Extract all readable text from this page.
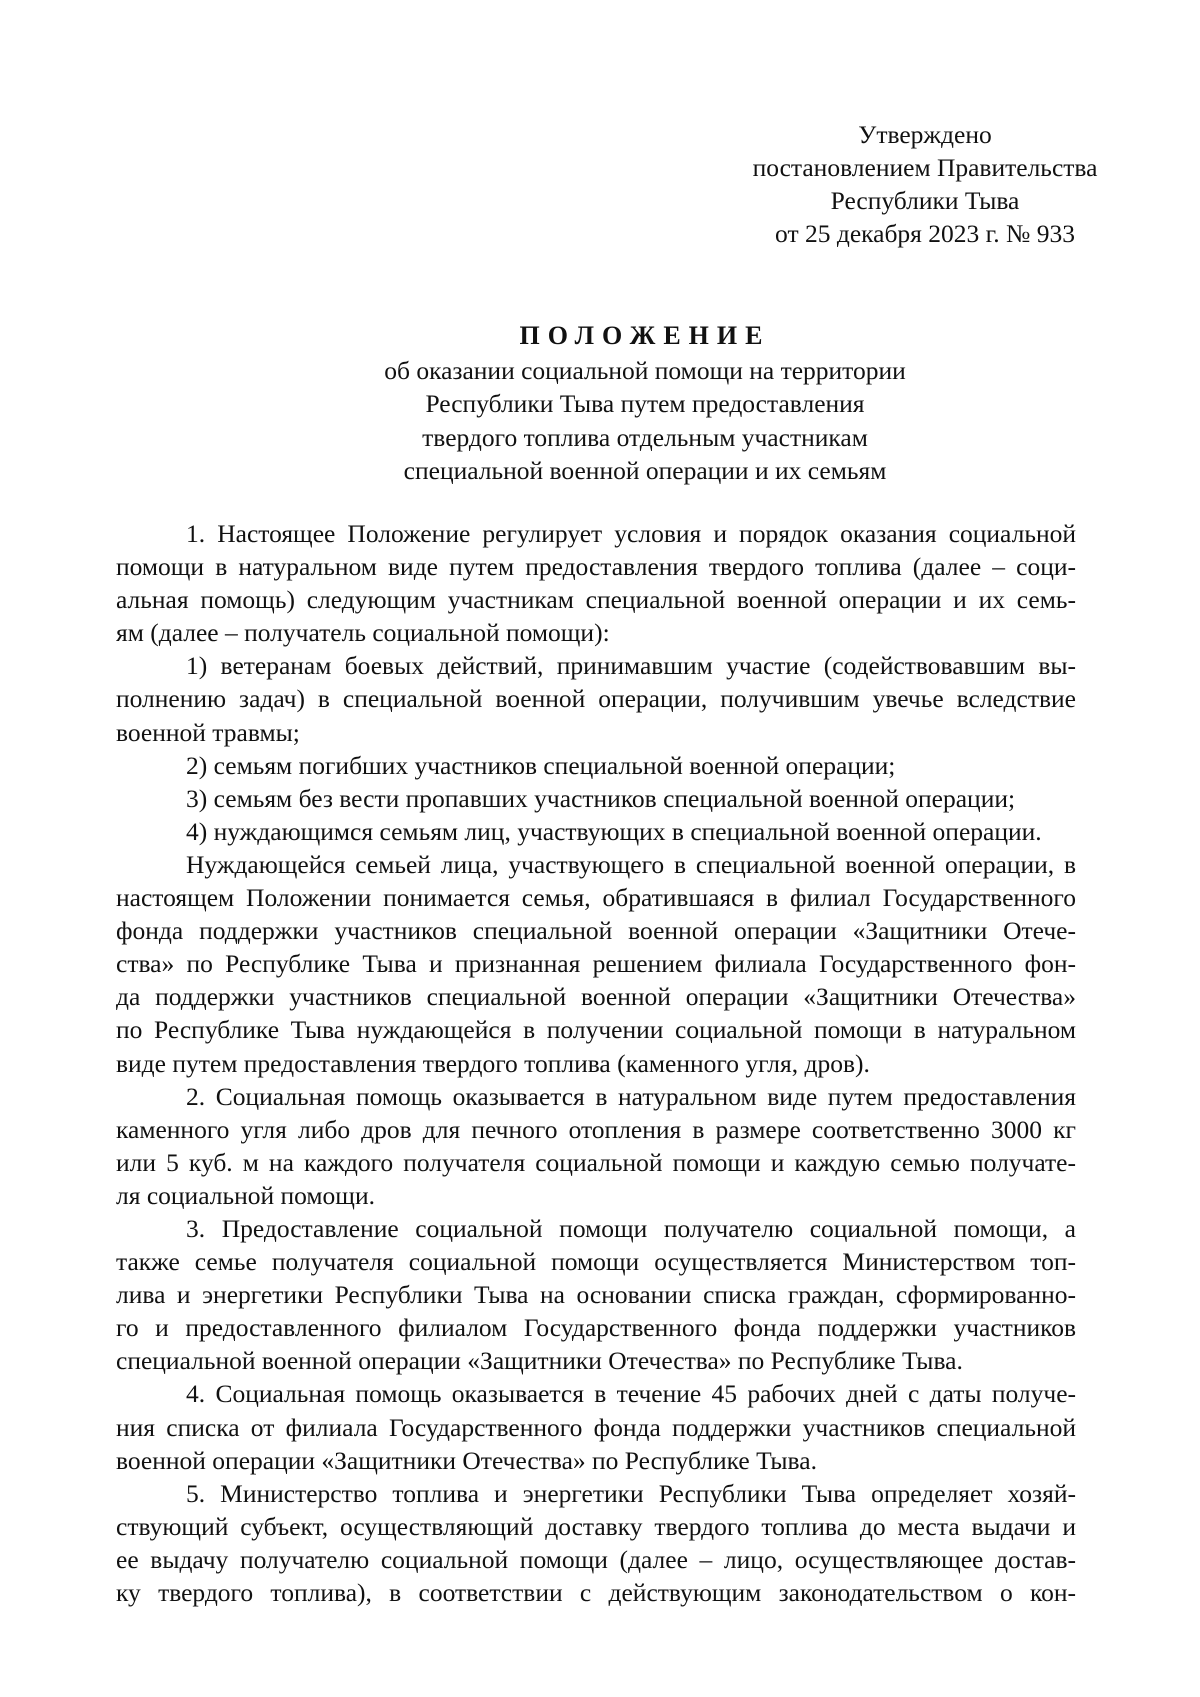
Утверждено
постановлением Правительства
Республики Тыва
от 25 декабря 2023 г. № 933
ПОЛОЖЕНИЕ
об оказании социальной помощи на территории
Республики Тыва путем предоставления
твердого топлива отдельным участникам
специальной военной операции и их семьям
1. Настоящее Положение регулирует условия и порядок оказания социальной
помощи в натуральном виде путем предоставления твердого топлива (далее – соци-
альная помощь) следующим участникам специальной военной операции и их семь-
ям (далее – получатель социальной помощи):
1) ветеранам боевых действий, принимавшим участие (содействовавшим вы-
полнению задач) в специальной военной операции, получившим увечье вследствие
военной травмы;
2) семьям погибших участников специальной военной операции;
3) семьям без вести пропавших участников специальной военной операции;
4) нуждающимся семьям лиц, участвующих в специальной военной операции.
Нуждающейся семьей лица, участвующего в специальной военной операции, в
настоящем Положении понимается семья, обратившаяся в филиал Государственного
фонда поддержки участников специальной военной операции «Защитники Отече-
ства» по Республике Тыва и признанная решением филиала Государственного фон-
да поддержки участников специальной военной операции «Защитники Отечества»
по Республике Тыва нуждающейся в получении социальной помощи в натуральном
виде путем предоставления твердого топлива (каменного угля, дров).
2. Социальная помощь оказывается в натуральном виде путем предоставления
каменного угля либо дров для печного отопления в размере соответственно 3000 кг
или 5 куб. м на каждого получателя социальной помощи и каждую семью получате-
ля социальной помощи.
3. Предоставление социальной помощи получателю социальной помощи, а
также семье получателя социальной помощи осуществляется Министерством топ-
лива и энергетики Республики Тыва на основании списка граждан, сформированно-
го и предоставленного филиалом Государственного фонда поддержки участников
специальной военной операции «Защитники Отечества» по Республике Тыва.
4. Социальная помощь оказывается в течение 45 рабочих дней с даты получе-
ния списка от филиала Государственного фонда поддержки участников специальной
военной операции «Защитники Отечества» по Республике Тыва.
5. Министерство топлива и энергетики Республики Тыва определяет хозяй-
ствующий субъект, осуществляющий доставку твердого топлива до места выдачи и
ее выдачу получателю социальной помощи (далее – лицо, осуществляющее достав-
ку твердого топлива), в соответствии с действующим законодательством о кон-
